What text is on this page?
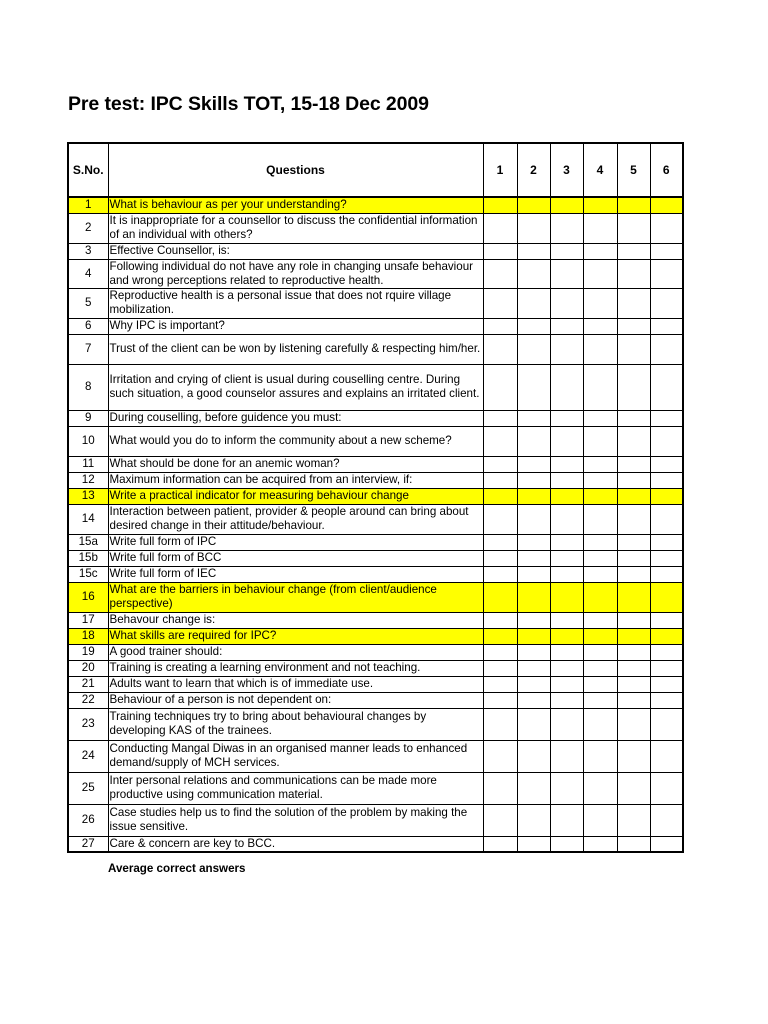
Pre test: IPC Skills TOT, 15-18 Dec 2009
S.No.	Questions	1	2	3	4	5	6
1	What is behaviour as per your understanding?						
2	It is inappropriate for a counsellor to discuss the confidential information of an individual with others?						
3	Effective Counsellor, is:						
4	Following individual do not have any role in changing unsafe behaviour and wrong perceptions related to reproductive health.						
5	Reproductive health is a personal issue that does not rquire village mobilization.						
6	Why IPC is important?						
7	Trust of the client can be won by listening carefully & respecting him/her.						
8	Irritation and crying of client is usual during couselling centre. During such situation, a good counselor assures and explains an irritated client.						
9	During couselling, before guidence you must:						
10	What would you do to inform the community about a new scheme?						
11	What should be done for an anemic woman?						
12	Maximum information can be acquired from an interview, if:						
13	Write a practical indicator for measuring behaviour change						
14	Interaction between patient, provider & people around can bring about desired change in their attitude/behaviour.						
15a	Write full form of IPC						
15b	Write full form of BCC						
15c	Write full form of IEC						
16	What are the barriers in behaviour change (from client/audience perspective)						
17	Behavour change is:						
18	What skills are required for IPC?						
19	A good trainer should:						
20	Training is creating a learning environment and not teaching.						
21	Adults want to learn that which is of immediate use.						
22	Behaviour of a person is not dependent on:						
23	Training techniques try to bring about behavioural changes by developing KAS of the trainees.						
24	Conducting Mangal Diwas in an organised manner leads to enhanced demand/supply of MCH services.						
25	Inter personal relations and communications can be made more productive using communication material.						
26	Case studies help us to find the solution of the problem by making the issue sensitive.						
27	Care & concern are key to BCC.						
Average correct answers
